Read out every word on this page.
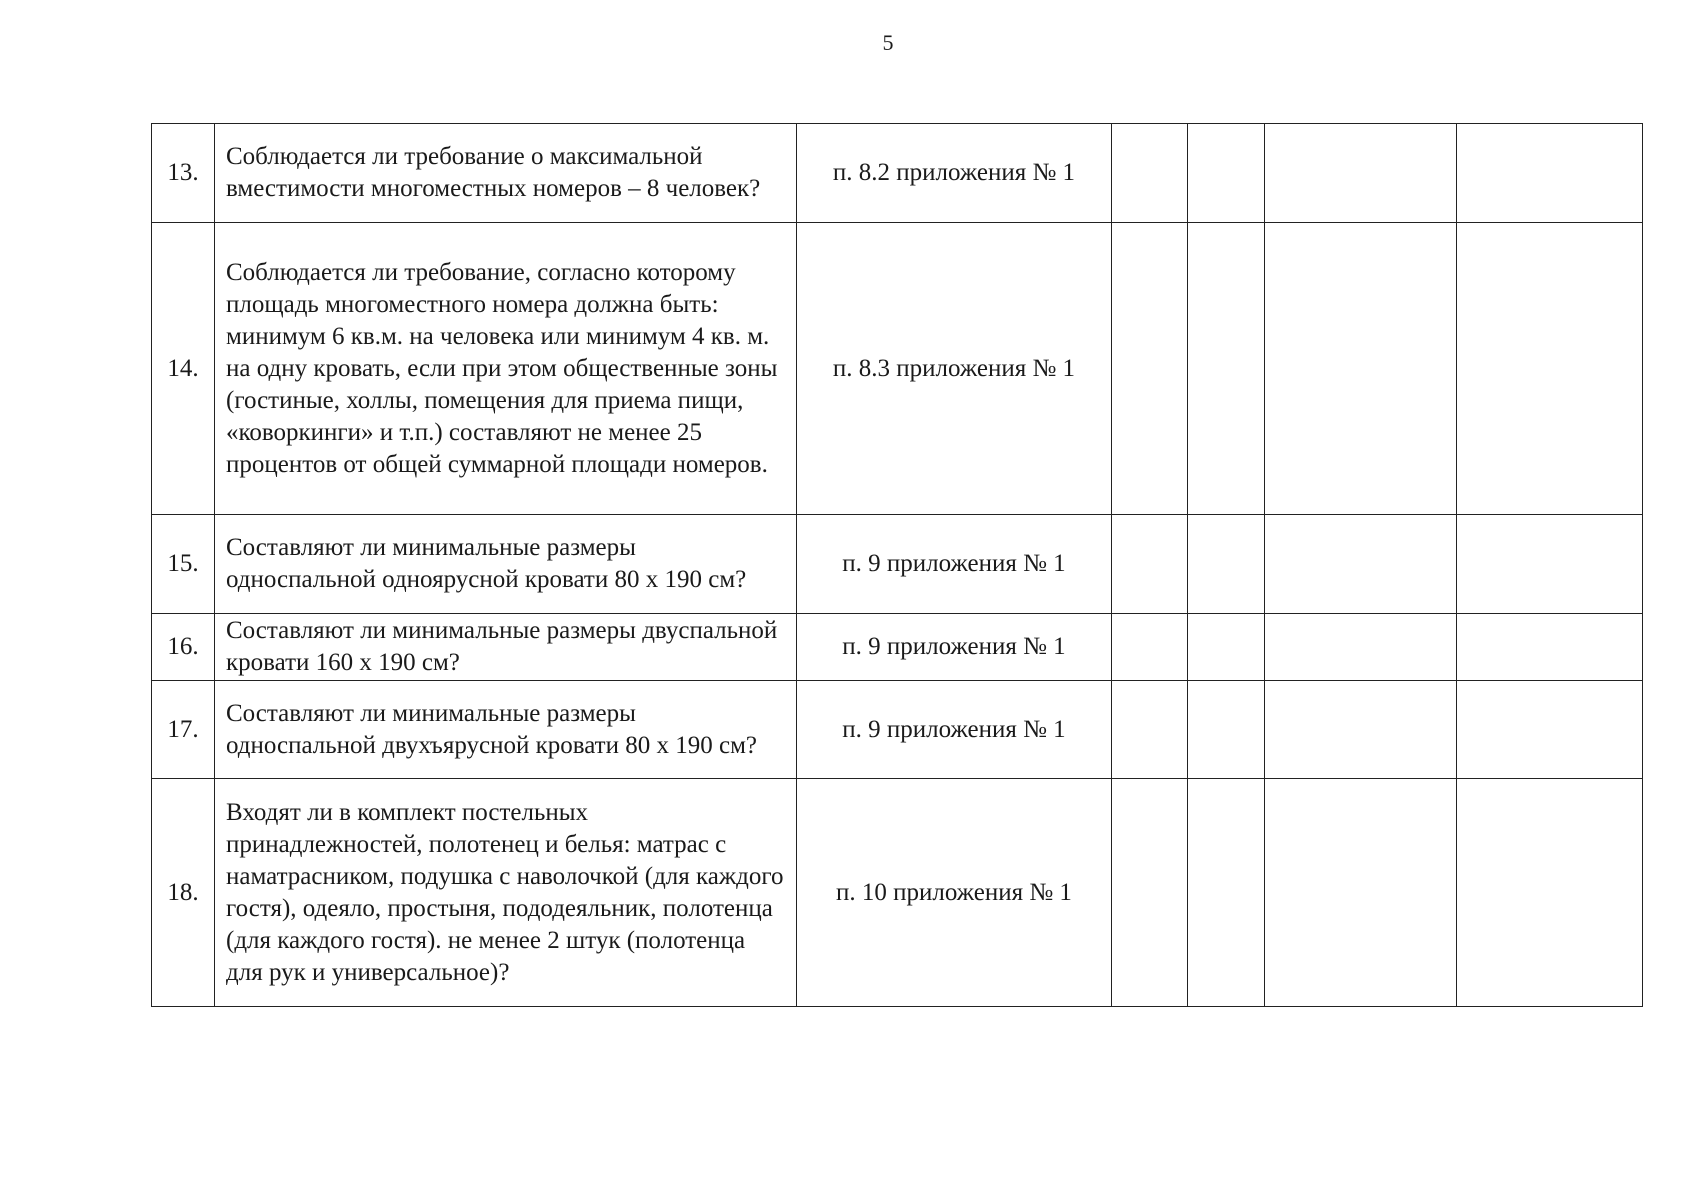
5
13.	Соблюдается ли требование о максимальной вместимости многоместных номеров – 8 человек?	п. 8.2 приложения № 1				
14.	Соблюдается ли требование, согласно которому площадь многоместного номера должна быть: минимум 6 кв.м. на человека или минимум 4 кв. м. на одну кровать, если при этом общественные зоны (гостиные, холлы, помещения для приема пищи, «коворкинги» и т.п.) составляют не менее 25 процентов от общей суммарной площади номеров.	п. 8.3 приложения № 1				
15.	Составляют ли минимальные размеры односпальной одноярусной кровати 80 х 190 см?	п. 9 приложения № 1				
16.	Составляют ли минимальные размеры двуспальной кровати 160 х 190 см?	п. 9 приложения № 1				
17.	Составляют ли минимальные размеры односпальной двухъярусной кровати 80 х 190 см?	п. 9 приложения № 1				
18.	Входят ли в комплект постельных принадлежностей, полотенец и белья: матрас с наматрасником, подушка с наволочкой (для каждого гостя), одеяло, простыня, пододеяльник, полотенца (для каждого гостя). не менее 2 штук (полотенца для рук и универсальное)?	п. 10 приложения № 1				
